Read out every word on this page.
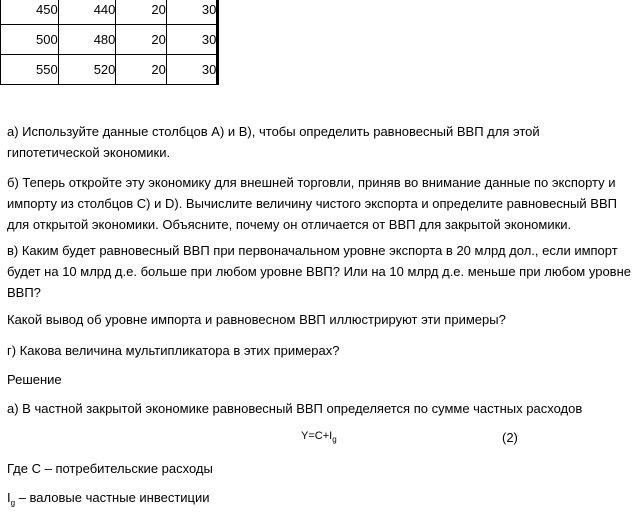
450	440	20	30		
500	480	20	30		
550	520	20	30		
а) Используйте данные столбцов А) и В), чтобы определить равновесный ВВП для этой гипотетической экономики.
б) Теперь откройте эту экономику для внешней торговли, приняв во внимание данные по экспорту и импорту из столбцов С) и D). Вычислите величину чистого экспорта и определите равновесный ВВП для открытой экономики. Объясните, почему он отличается от ВВП для закрытой экономики.
в) Каким будет равновесный ВВП при первоначальном уровне экспорта в 20 млрд дол., если импорт будет на 10 млрд д.е. больше при любом уровне ВВП? Или на 10 млрд д.е. меньше при любом уровне ВВП?
Какой вывод об уровне импорта и равновесном ВВП иллюстрируют эти примеры?
г) Какова величина мультипликатора в этих примерах?
Решение
а) В частной закрытой экономике равновесный ВВП определяется по сумме частных расходов
$Y=C+I_g$	(2)
Где С – потребительские расходы
$I_g$ – валовые частные инвестиции
